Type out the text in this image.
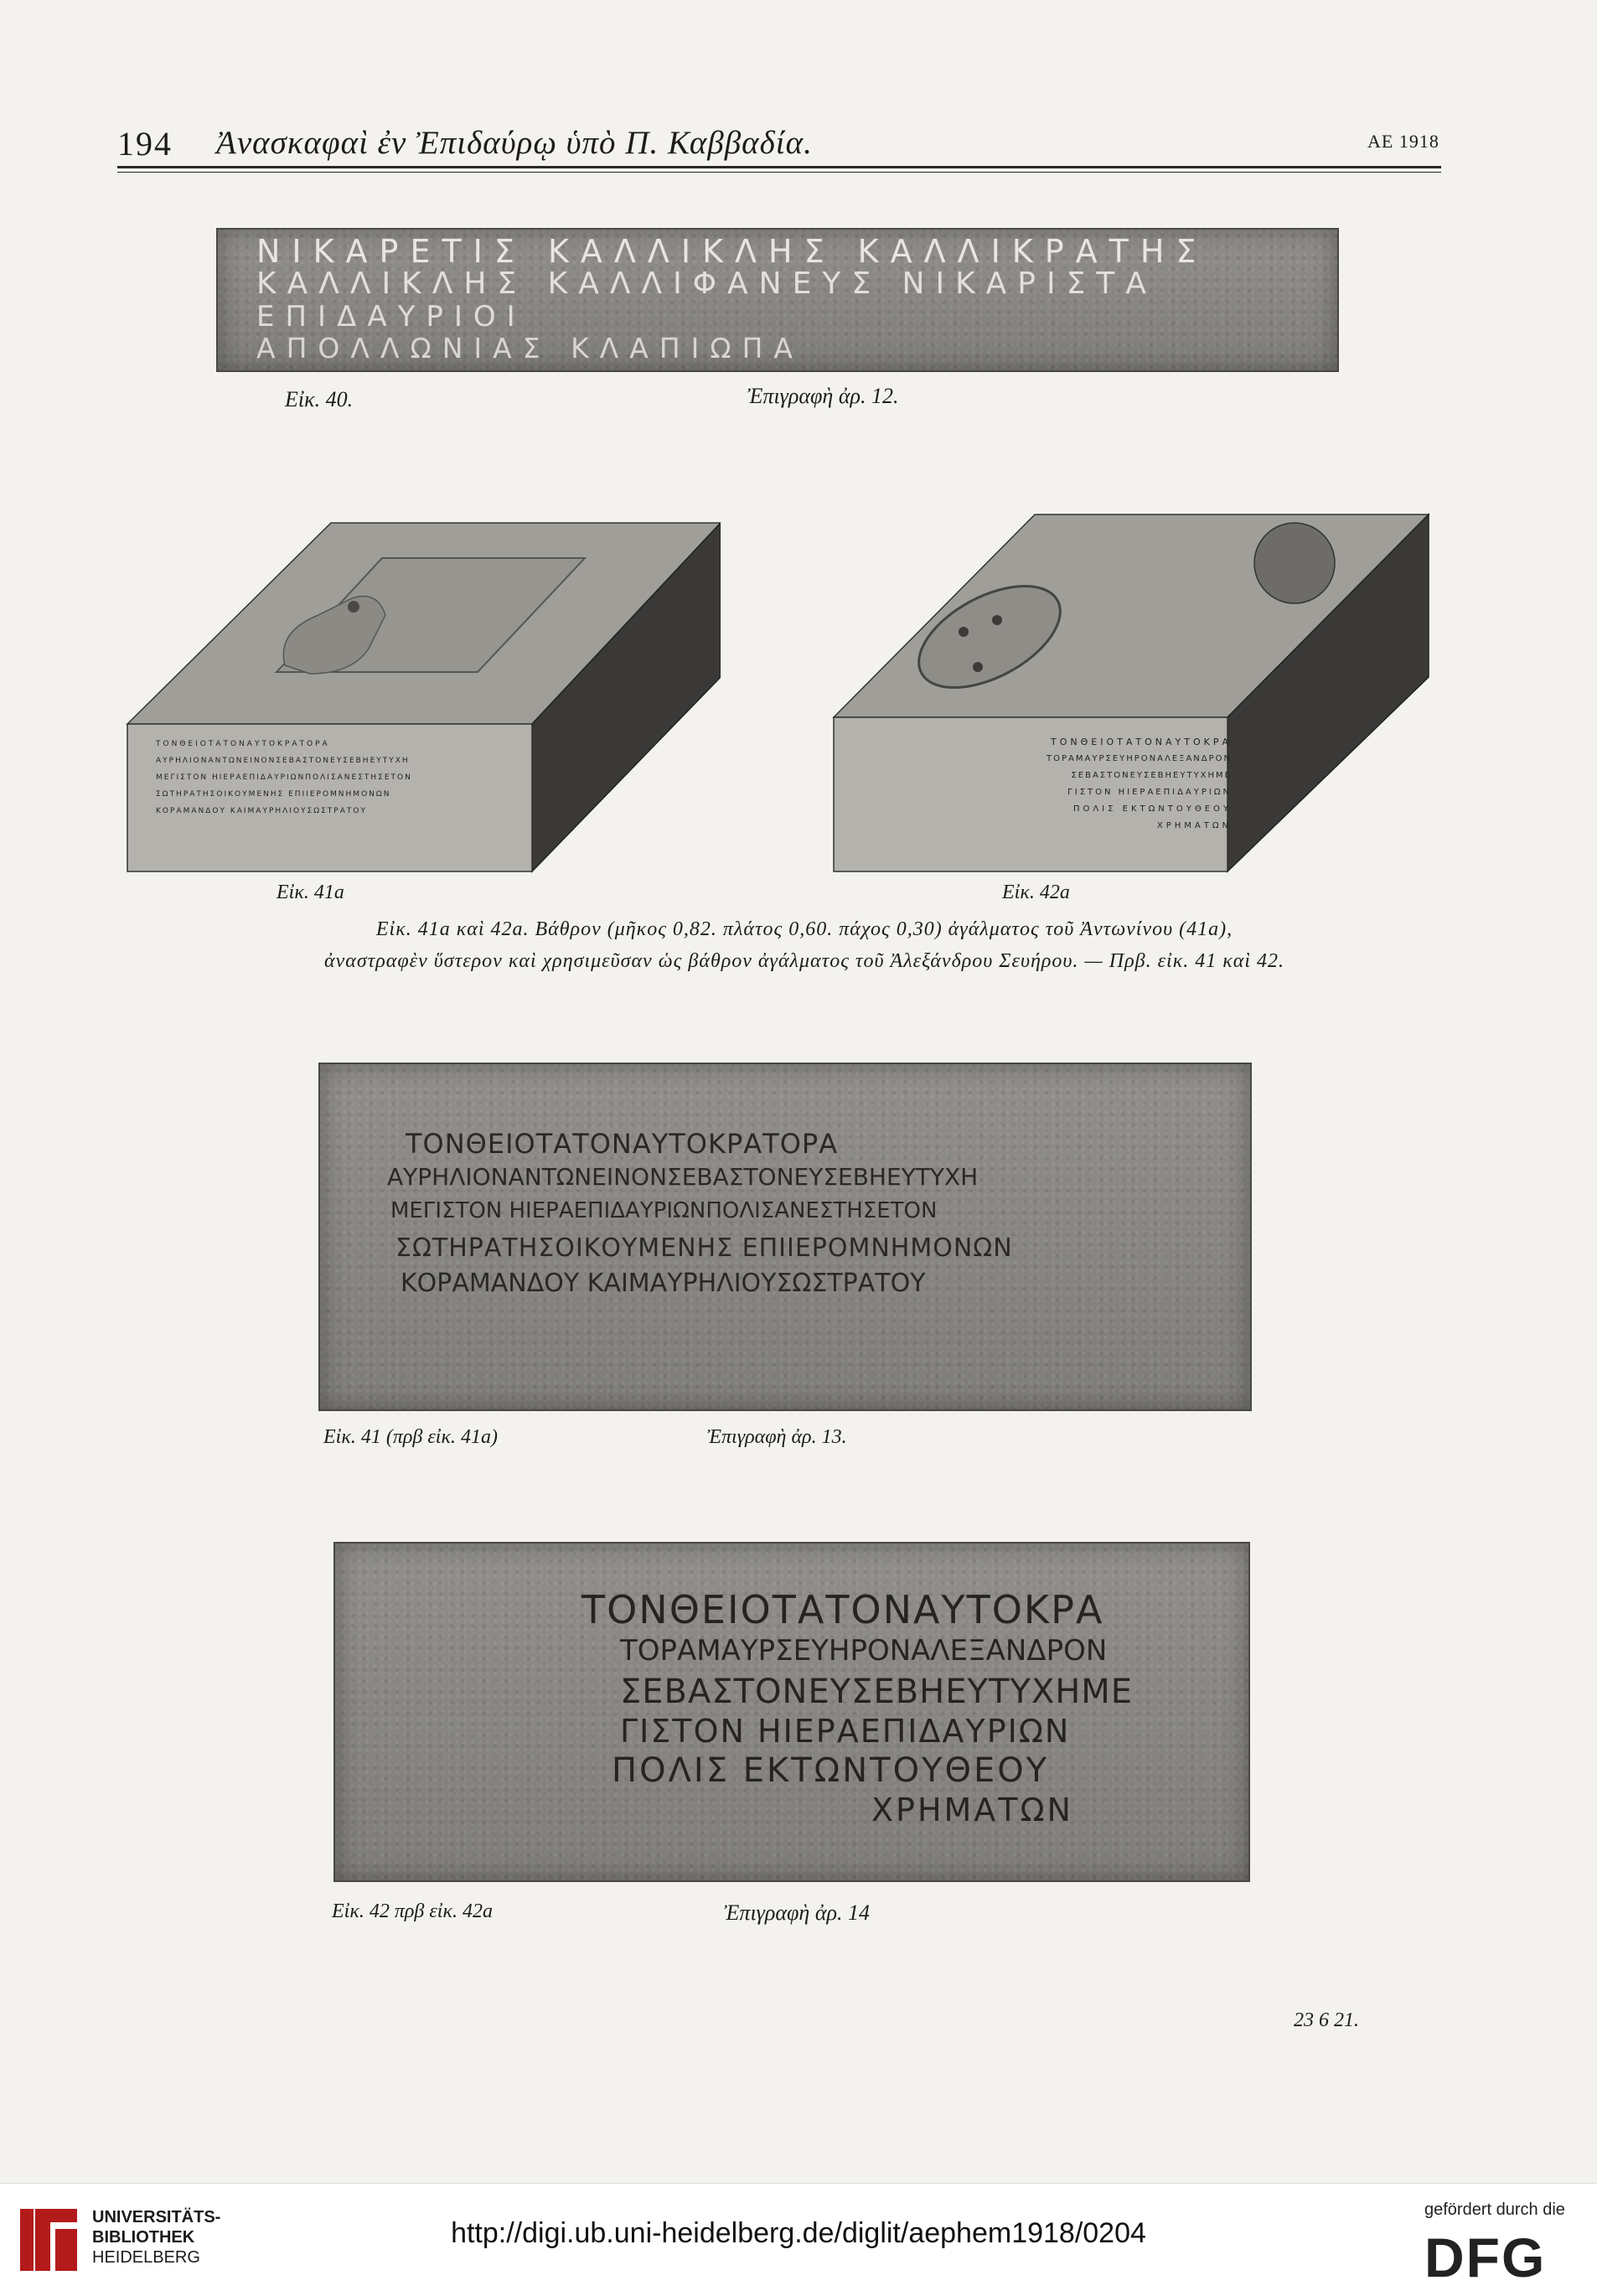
194 Ἀνασκαφαὶ ἐν Ἐπιδαύρῳ ὑπὸ Π. Καββαδία.	ΑΕ 1918
ΝΙΚΑΡΕΤΙΣ ΚΑΛΛΙΚΛΗΣ ΚΑΛΛΙΚΡΑΤΗΣ
ΚΑΛΛΙΚΛΗΣ ΚΑΛΛΙΦΑΝΕΥΣ ΝΙΚΑΡΙΣΤΑ
ΕΠΙΔΑΥΡΙΟΙ
ΑΠΟΛΛΩΝΙΑΣ ΚΛΑΠΙΩΠΑ
Εἰκ. 40.	Ἐπιγραφὴ ἀρ. 12.
ΤΟΝΘΕΙΟΤΑΤΟΝΑΥΤΟΚΡΑΤΟΡΑ
ΑΥΡΗΛΙΟΝΑΝΤΩΝΕΙΝΟΝΣΕΒΑΣΤΟΝΕΥΣΕΒΗΕΥΤΥΧΗ
ΜΕΓΙΣΤΟΝ ΗΙΕΡΑΕΠΙΔΑΥΡΙΩΝΠΟΛΙΣΑΝΕΣΤΗΣΕΤΟΝ
ΣΩΤΗΡΑΤΗΣΟΙΚΟΥΜΕΝΗΣ ΕΠΙΙΕΡΟΜΝΗΜΟΝΩΝ
ΚΟΡΑΜΑΝΔΟΥ ΚΑΙΜΑΥΡΗΛΙΟΥΣΩΣΤΡΑΤΟΥ
ΤΟΝΘΕΙΟΤΑΤΟΝΑΥΤΟΚΡΑ
ΤΟΡΑΜΑΥΡΣΕΥΗΡΟΝΑΛΕΞΑΝΔΡΟΝ
ΣΕΒΑΣΤΟΝΕΥΣΕΒΗΕΥΤΥΧΗΜΕ
ΓΙΣΤΟΝ ΗΙΕΡΑΕΠΙΔΑΥΡΙΩΝ
ΠΟΛΙΣ ΕΚΤΩΝΤΟΥΘΕΟΥ
ΧΡΗΜΑΤΩΝ
Εἰκ. 41a	Εἰκ. 42a
Εἰκ. 41a καὶ 42a. Βάθρον (μῆκος 0,82. πλάτος 0,60. πάχος 0,30) ἀγάλματος τοῦ Ἀντωνίνου (41a),
ἀναστραφὲν ὕστερον καὶ χρησιμεῦσαν ὡς βάθρον ἀγάλματος τοῦ Ἀλεξάνδρου Σευήρου. — Πρβ. εἰκ. 41 καὶ 42.
ΤΟΝΘΕΙΟΤΑΤΟΝΑΥΤΟΚΡΑΤΟΡΑ
ΑΥΡΗΛΙΟΝΑΝΤΩΝΕΙΝΟΝΣΕΒΑΣΤΟΝΕΥΣΕΒΗΕΥΤΥΧΗ
ΜΕΓΙΣΤΟΝ ΗΙΕΡΑΕΠΙΔΑΥΡΙΩΝΠΟΛΙΣΑΝΕΣΤΗΣΕΤΟΝ
ΣΩΤΗΡΑΤΗΣΟΙΚΟΥΜΕΝΗΣ ΕΠΙΙΕΡΟΜΝΗΜΟΝΩΝ
ΚΟΡΑΜΑΝΔΟΥ ΚΑΙΜΑΥΡΗΛΙΟΥΣΩΣΤΡΑΤΟΥ
Εἰκ. 41 (πρβ εἰκ. 41a)	Ἐπιγραφὴ ἀρ. 13.
ΤΟΝΘΕΙΟΤΑΤΟΝΑΥΤΟΚΡΑ
ΤΟΡΑΜΑΥΡΣΕΥΗΡΟΝΑΛΕΞΑΝΔΡΟΝ
ΣΕΒΑΣΤΟΝΕΥΣΕΒΗΕΥΤΥΧΗΜΕ
ΓΙΣΤΟΝ ΗΙΕΡΑΕΠΙΔΑΥΡΙΩΝ
ΠΟΛΙΣ ΕΚΤΩΝΤΟΥΘΕΟΥ
ΧΡΗΜΑΤΩΝ
Εἰκ. 42 πρβ εἰκ. 42a	Ἐπιγραφὴ ἀρ. 14
23 6 21.
UNIVERSITÄTS-
BIBLIOTHEK
HEIDELBERG
http://digi.ub.uni-heidelberg.de/diglit/aephem1918/0204
gefördert durch die
DFG
